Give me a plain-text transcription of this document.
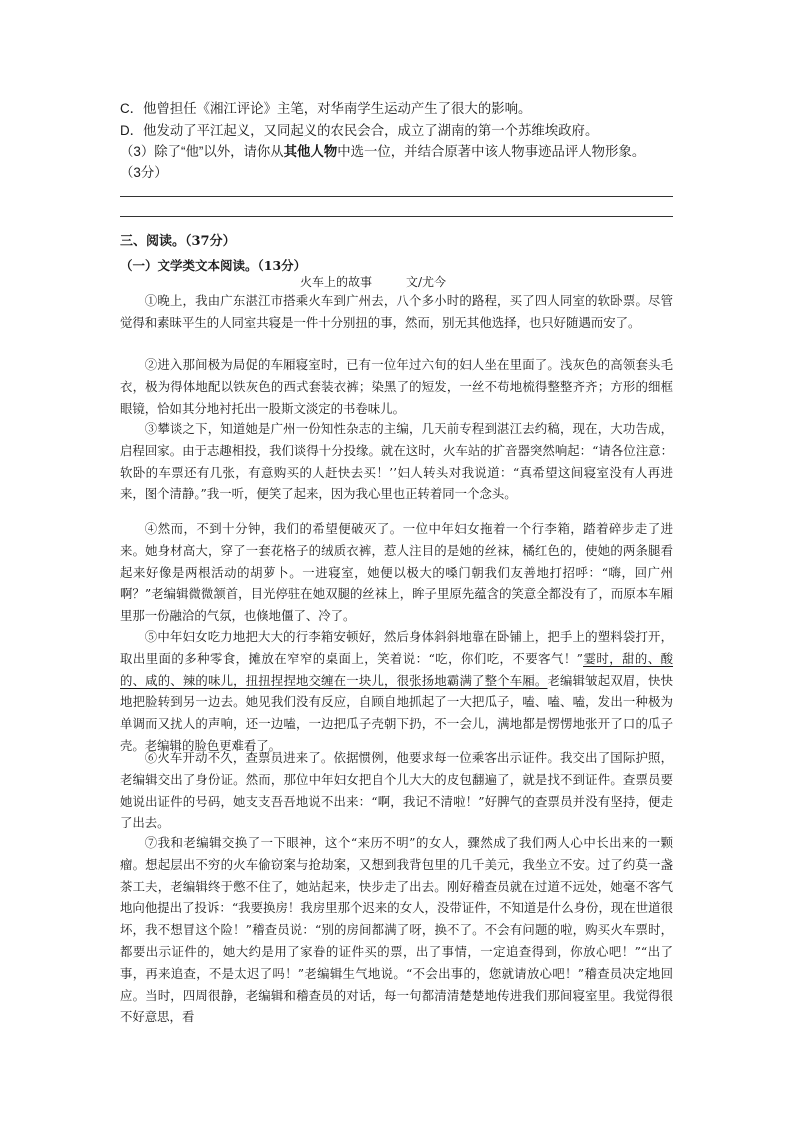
C．他曾担任《湘江评论》主笔，对华南学生运动产生了很大的影响。
D．他发动了平江起义，又同起义的农民会合，成立了湖南的第一个苏维埃政府。
（3）除了“他”以外，请你从其他人物中选一位，并结合原著中该人物事迹品评人物形象。
（3分）
三、阅读。（37分）
（一）文学类文本阅读。（13分）
火车上的故事	文/尤今

①晚上，我由广东湛江市搭乘火车到广州去，八个多小时的路程，买了四人同室的软卧票。尽管觉得和素昧平生的人同室共寝是一件十分别扭的事，然而，别无其他选择，也只好随遇而安了。

②进入那间极为局促的车厢寝室时，已有一位年过六旬的妇人坐在里面了。浅灰色的高领套头毛衣，极为得体地配以铁灰色的西式套装衣裤；染黑了的短发，一丝不苟地梳得整整齐齐；方形的细框眼镜，恰如其分地衬托出一股斯文淡定的书卷味儿。

③攀谈之下，知道她是广州一份知性杂志的主编，几天前专程到湛江去约稿，现在，大功告成，启程回家。由于志趣相投，我们谈得十分投缘。就在这时，火车站的扩音器突然响起：“请各位注意：软卧的车票还有几张，有意购买的人赶快去买！’’妇人转头对我说道：“真希望这间寝室没有人再进来，图个清静。”我一听，便笑了起来，因为我心里也正转着同一个念头。

④然而，不到十分钟，我们的希望便破灭了。一位中年妇女拖着一个行李箱，踏着碎步走了进来。她身材高大，穿了一套花格子的绒质衣裤，惹人注目的是她的丝袜，橘红色的，使她的两条腿看起来好像是两根活动的胡萝卜。一进寝室，她便以极大的嗓门朝我们友善地打招呼：“嗨，回广州啊？”老编辑微微颔首，目光停驻在她双腿的丝袜上，眸子里原先蕴含的笑意全都没有了，而原本车厢里那一份融洽的气氛，也倏地僵了、冷了。

⑤中年妇女吃力地把大大的行李箱安顿好，然后身体斜斜地靠在卧铺上，把手上的塑料袋打开，取出里面的多种零食，摊放在窄窄的桌面上，笑着说：“吃，你们吃，不要客气！”霎时，甜的、酸的、咸的、辣的味儿，扭扭捏捏地交缠在一块儿，很张扬地霸满了整个车厢。老编辑皱起双眉，快快地把脸转到另一边去。她见我们没有反应，自顾自地抓起了一大把瓜子，嗑、嗑、嗑，发出一种极为单调而又扰人的声响，还一边嗑，一边把瓜子壳朝下扔，不一会儿，满地都是愣愣地张开了口的瓜子壳。老编辑的脸色更难看了。

⑥火车开动不久，查票员进来了。依据惯例，他要求每一位乘客出示证件。我交出了国际护照，老编辑交出了身份证。然而，那位中年妇女把自个儿大大的皮包翻遍了，就是找不到证件。查票员要她说出证件的号码，她支支吾吾地说不出来：“啊，我记不清啦！”好脾气的查票员并没有坚持，便走了出去。

⑦我和老编辑交换了一下眼神，这个“来历不明”的女人，骤然成了我们两人心中长出来的一颗瘤。想起层出不穷的火车偷窃案与抢劫案，又想到我背包里的几千美元，我坐立不安。过了约莫一盏茶工夫，老编辑终于憋不住了，她站起来，快步走了出去。刚好稽查员就在过道不远处，她毫不客气地向他提出了投诉：“我要换房！我房里那个迟来的女人，没带证件，不知道是什么身份，现在世道很坏，我不想冒这个险！”稽查员说：“别的房间都满了呀，换不了。不会有问题的啦，购买火车票时，都要出示证件的，她大约是用了家眷的证件买的票，出了事情，一定追查得到，你放心吧！”“出了事，再来追查，不是太迟了吗！”老编辑生气地说。“不会出事的，您就请放心吧！”稽查员决定地回应。当时，四周很静，老编辑和稽查员的对话，每一句都清清楚楚地传进我们那间寝室里。我觉得很不好意思，看
